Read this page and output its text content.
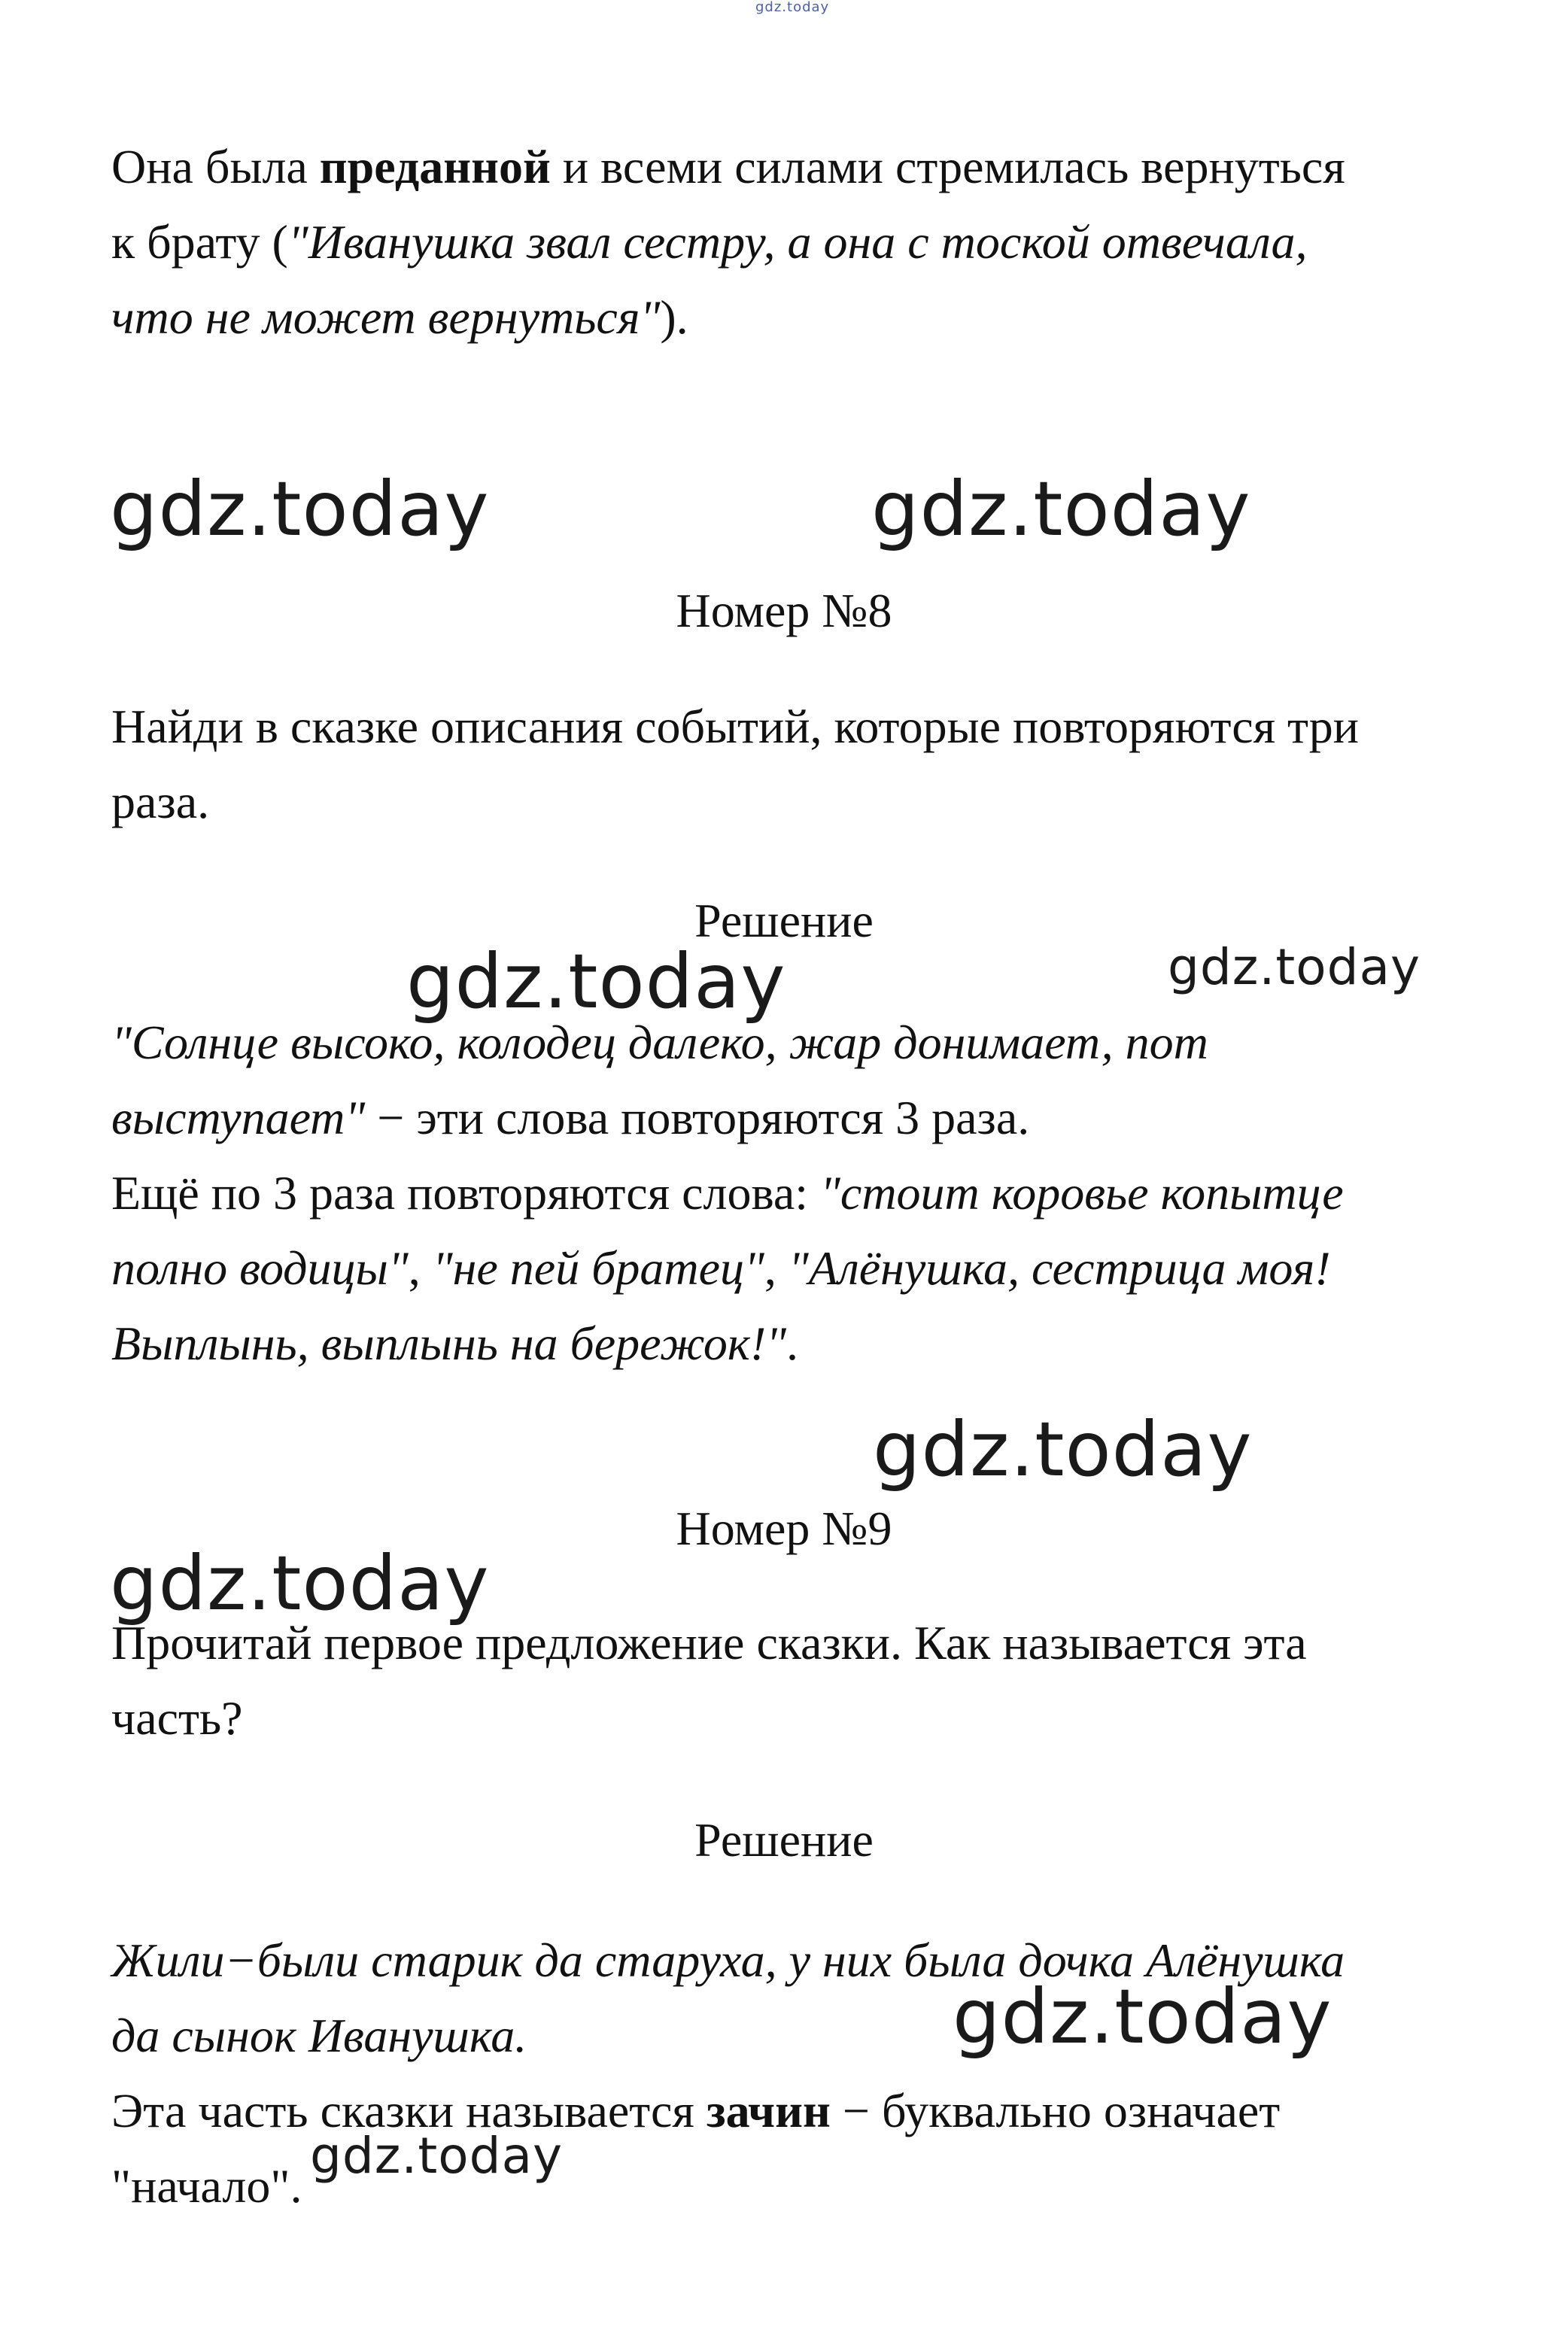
gdz.today

Она была преданной и всеми силами стремилась вернуться

к брату ("Иванушка звал сестру, а она с тоской отвечала,

что не может вернуться").

gdz.today	gdz.today
Номер №8

Найди в сказке описания событий, которые повторяются три

раза.

Решение
gdz.today	gdz.today

"Солнце высоко, колодец далеко, жар донимает, пот

выступает" − эти слова повторяются 3 раза.

Ещё по 3 раза повторяются слова: "стоит коровье копытце

полно водицы", "не пей братец", "Алёнушка, сестрица моя!

Выплынь, выплынь на бережок!".

gdz.today
Номер №9
gdz.today

Прочитай первое предложение сказки. Как называется эта

часть?

Решение

Жили−были старик да старуха, у них была дочка Алёнушка

gdz.today

да сынок Иванушка.

Эта часть сказки называется зачин − буквально означает

gdz.today

"начало".
